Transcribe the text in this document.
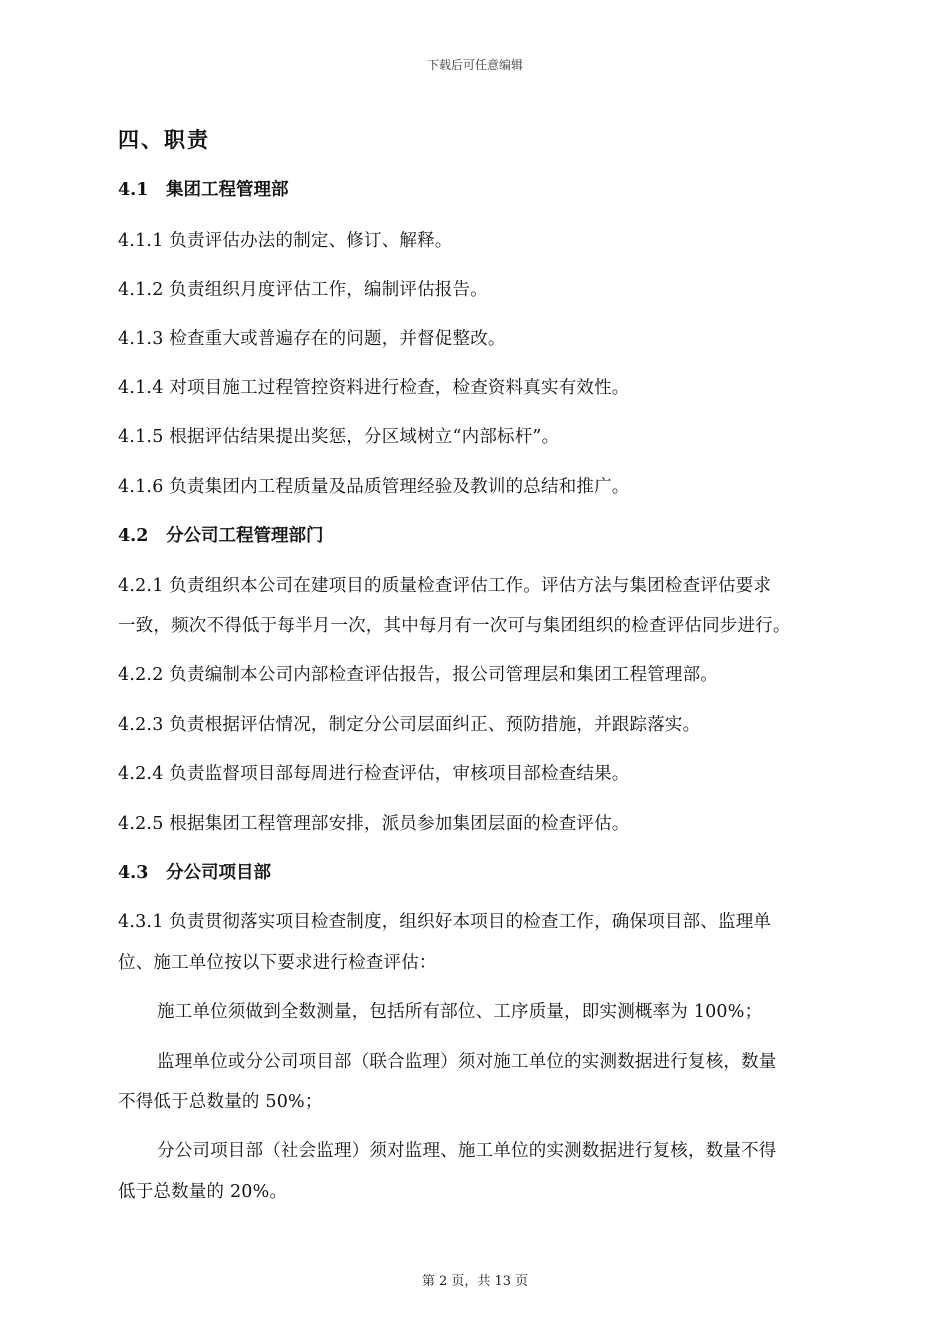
下载后可任意编辑
四、职责
4.1 集团工程管理部
4.1.1 负责评估办法的制定、修订、解释。
4.1.2 负责组织月度评估工作，编制评估报告。
4.1.3 检查重大或普遍存在的问题，并督促整改。
4.1.4 对项目施工过程管控资料进行检查，检查资料真实有效性。
4.1.5 根据评估结果提出奖惩，分区域树立“内部标杆”。
4.1.6 负责集团内工程质量及品质管理经验及教训的总结和推广。
4.2 分公司工程管理部门
4.2.1 负责组织本公司在建项目的质量检查评估工作。评估方法与集团检查评估要求
一致，频次不得低于每半月一次，其中每月有一次可与集团组织的检查评估同步进行。
4.2.2 负责编制本公司内部检查评估报告，报公司管理层和集团工程管理部。
4.2.3 负责根据评估情况，制定分公司层面纠正、预防措施，并跟踪落实。
4.2.4 负责监督项目部每周进行检查评估，审核项目部检查结果。
4.2.5 根据集团工程管理部安排，派员参加集团层面的检查评估。
4.3 分公司项目部
4.3.1 负责贯彻落实项目检查制度，组织好本项目的检查工作，确保项目部、监理单
位、施工单位按以下要求进行检查评估：
施工单位须做到全数测量，包括所有部位、工序质量，即实测概率为 100%；
监理单位或分公司项目部（联合监理）须对施工单位的实测数据进行复核，数量
不得低于总数量的 50%；
分公司项目部（社会监理）须对监理、施工单位的实测数据进行复核，数量不得
低于总数量的 20%。
第 2 页，共 13 页
